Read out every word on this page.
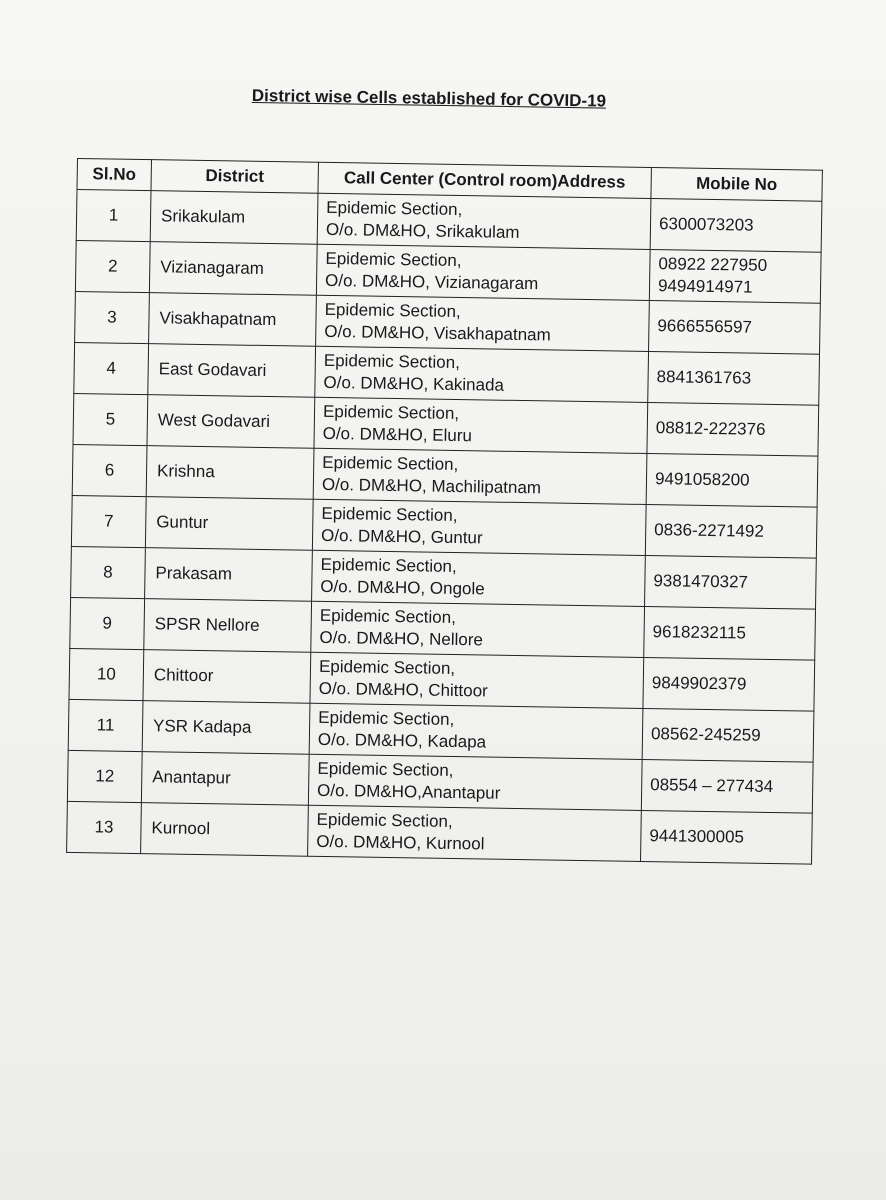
District wise Cells established for COVID-19
Sl.No	District	Call Center (Control room)Address	Mobile No
1	Srikakulam	Epidemic Section,
O/o. DM&HO, Srikakulam	6300073203

2	Vizianagaram	Epidemic Section,
O/o. DM&HO, Vizianagaram	08922 227950
9494914971

3	Visakhapatnam	Epidemic Section,
O/o. DM&HO, Visakhapatnam	9666556597

4	East Godavari	Epidemic Section,
O/o. DM&HO, Kakinada	8841361763

5	West Godavari	Epidemic Section,
O/o. DM&HO, Eluru	08812-222376

6	Krishna	Epidemic Section,
O/o. DM&HO, Machilipatnam	9491058200

7	Guntur	Epidemic Section,
O/o. DM&HO, Guntur	0836-2271492

8	Prakasam	Epidemic Section,
O/o. DM&HO, Ongole	9381470327

9	SPSR Nellore	Epidemic Section,
O/o. DM&HO, Nellore	9618232115

10	Chittoor	Epidemic Section,
O/o. DM&HO, Chittoor	9849902379

11	YSR Kadapa	Epidemic Section,
O/o. DM&HO, Kadapa	08562-245259

12	Anantapur	Epidemic Section,
O/o. DM&HO,Anantapur	08554 – 277434

13	Kurnool	Epidemic Section,
O/o. DM&HO, Kurnool	9441300005
